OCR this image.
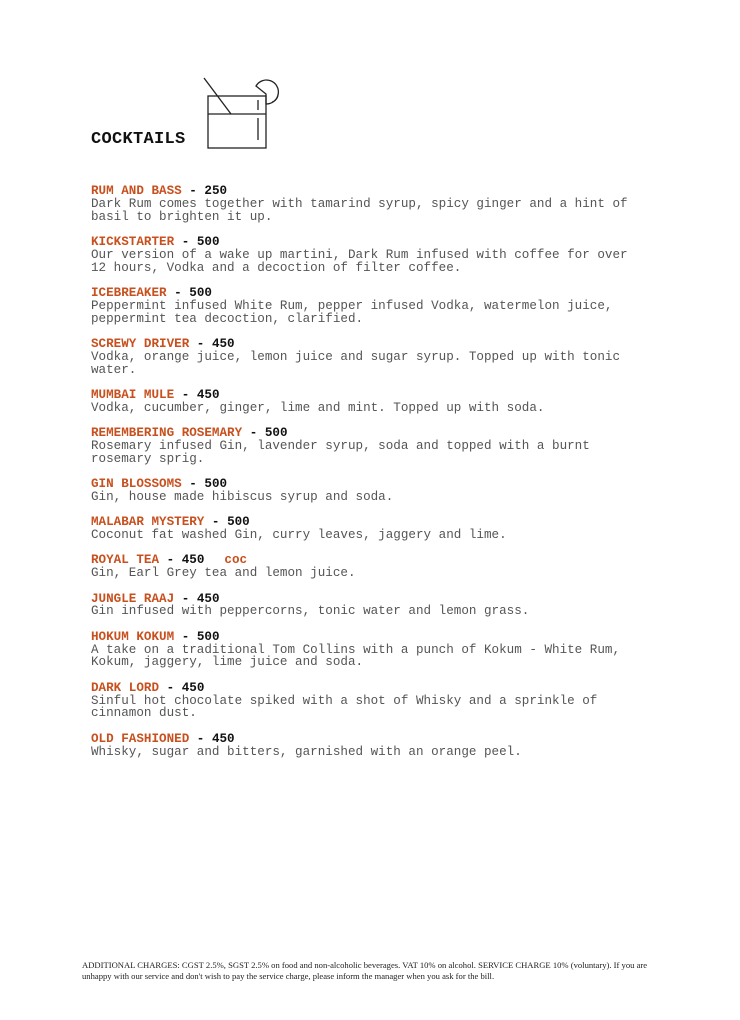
COCKTAILS
RUM AND BASS - 250
Dark Rum comes together with tamarind syrup, spicy ginger and a hint of
basil to brighten it up.
KICKSTARTER - 500
Our version of a wake up martini, Dark Rum infused with coffee for over
12 hours, Vodka and a decoction of filter coffee.
ICEBREAKER - 500
Peppermint infused White Rum, pepper infused Vodka, watermelon juice,
peppermint tea decoction, clarified.
SCREWY DRIVER - 450
Vodka, orange juice, lemon juice and sugar syrup. Topped up with tonic
water.
MUMBAI MULE - 450
Vodka, cucumber, ginger, lime and mint. Topped up with soda.
REMEMBERING ROSEMARY - 500
Rosemary infused Gin, lavender syrup, soda and topped with a burnt
rosemary sprig.
GIN BLOSSOMS - 500
Gin, house made hibiscus syrup and soda.
MALABAR MYSTERY - 500
Coconut fat washed Gin, curry leaves, jaggery and lime.
ROYAL TEA - 450 coc
Gin, Earl Grey tea and lemon juice.
JUNGLE RAAJ - 450
Gin infused with peppercorns, tonic water and lemon grass.
HOKUM KOKUM - 500
A take on a traditional Tom Collins with a punch of Kokum - White Rum,
Kokum, jaggery, lime juice and soda.
DARK LORD - 450
Sinful hot chocolate spiked with a shot of Whisky and a sprinkle of
cinnamon dust.
OLD FASHIONED - 450
Whisky, sugar and bitters, garnished with an orange peel.
ADDITIONAL CHARGES: CGST 2.5%, SGST 2.5% on food and non-alcoholic beverages. VAT 10% on alcohol. SERVICE CHARGE 10% (voluntary). If you are unhappy with our service and don't wish to pay the service charge, please inform the manager when you ask for the bill.
